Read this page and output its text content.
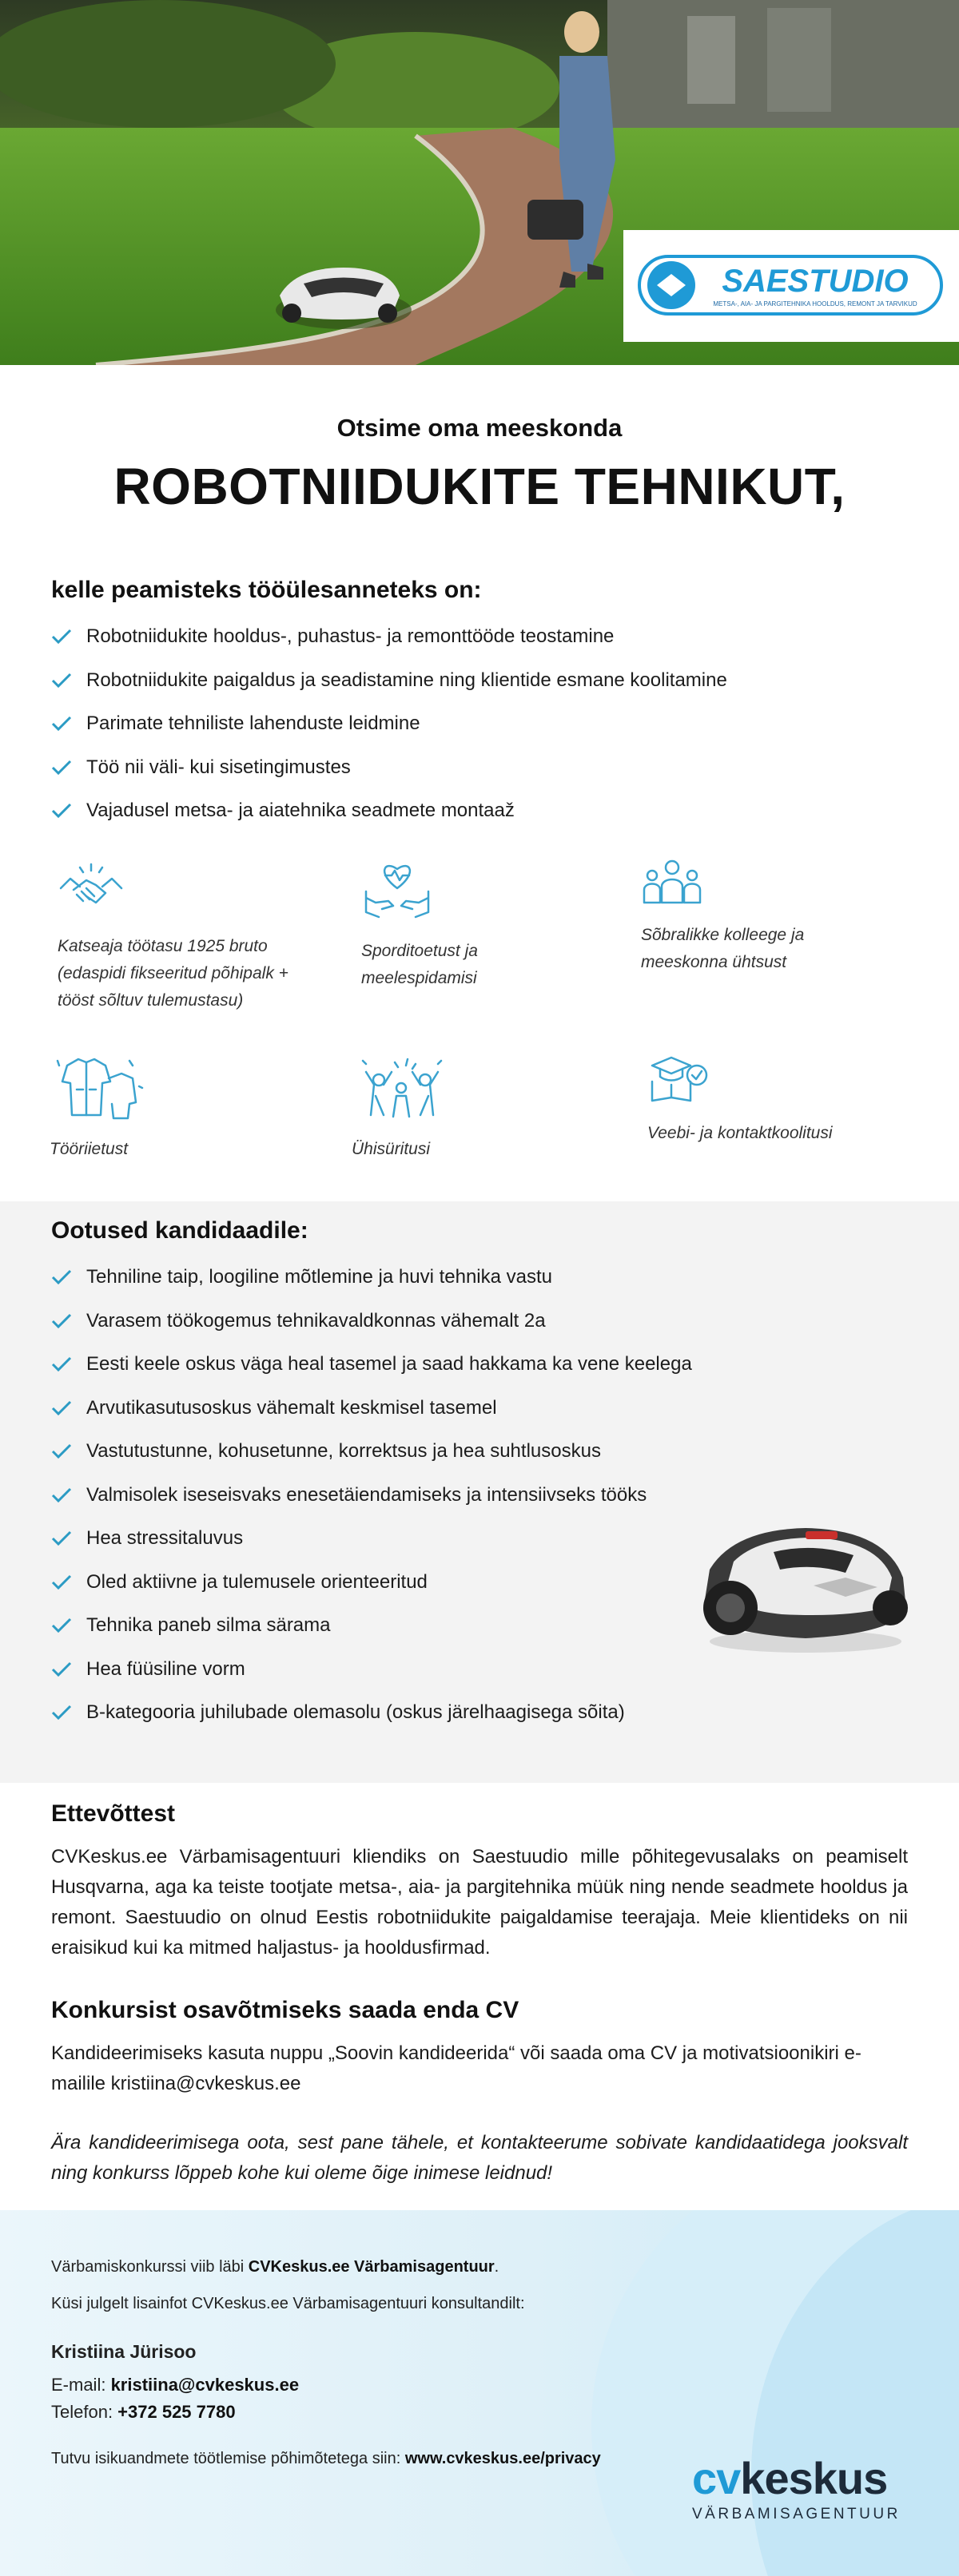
SAESTUDIO
METSA-, AIA- JA PARGITEHNIKA HOOLDUS, REMONT JA TARVIKUD
Otsime oma meeskonda
ROBOTNIIDUKITE TEHNIKUT,
kelle peamisteks tööülesanneteks on:
Robotniidukite hooldus-, puhastus- ja remonttööde teostamine
Robotniidukite paigaldus ja seadistamine ning klientide esmane koolitamine
Parimate tehniliste lahenduste leidmine
Töö nii väli- kui sisetingimustes
Vajadusel metsa- ja aiatehnika seadmete montaaž
Katseaja töötasu 1925 bruto
(edaspidi fikseeritud põhipalk +
tööst sõltuv tulemustasu)
Sporditoetust ja
meelespidamisi
Sõbralikke kolleege ja
meeskonna ühtsust
Tööriietust	Ühisüritusi
Veebi- ja kontaktkoolitusi
Ootused kandidaadile:
Tehniline taip, loogiline mõtlemine ja huvi tehnika vastu
Varasem töökogemus tehnikavaldkonnas vähemalt 2a
Eesti keele oskus väga heal tasemel ja saad hakkama ka vene keelega
Arvutikasutusoskus vähemalt keskmisel tasemel
Vastutustunne, kohusetunne, korrektsus ja hea suhtlusoskus
Valmisolek iseseisvaks enesetäiendamiseks ja intensiivseks tööks
Hea stressitaluvus
Oled aktiivne ja tulemusele orienteeritud
Tehnika paneb silma särama
Hea füüsiline vorm
B-kategooria juhilubade olemasolu (oskus järelhaagisega sõita)
Ettevõttest

CVKeskus.ee Värbamisagentuuri kliendiks on Saestuudio mille põhitegevusalaks on peamiselt Husqvarna, aga ka teiste tootjate metsa-, aia- ja pargitehnika müük ning nende seadmete hooldus ja remont. Saestuudio on olnud Eestis robotniidukite paigaldamise teerajaja. Meie klientideks on nii eraisikud kui ka mitmed haljastus- ja hooldusfirmad.

Konkursist osavõtmiseks saada enda CV

Kandideerimiseks kasuta nuppu „Soovin kandideerida“ või saada oma CV ja motivatsioonikiri e-mailile kristiina@cvkeskus.ee

Ära kandideerimisega oota, sest pane tähele, et kontakteerume sobivate kandidaatidega jooksvalt ning konkurss lõppeb kohe kui oleme õige inimese leidnud!

Värbamiskonkurssi viib läbi CVKeskus.ee Värbamisagentuur.
Küsi julgelt lisainfot CVKeskus.ee Värbamisagentuuri konsultandilt:
Kristiina Jürisoo
E-mail: kristiina@cvkeskus.ee
Telefon: +372 525 7780
Tutvu isikuandmete töötlemise põhimõtetega siin: www.cvkeskus.ee/privacy cvkeskus
VÄRBAMISAGENTUUR
